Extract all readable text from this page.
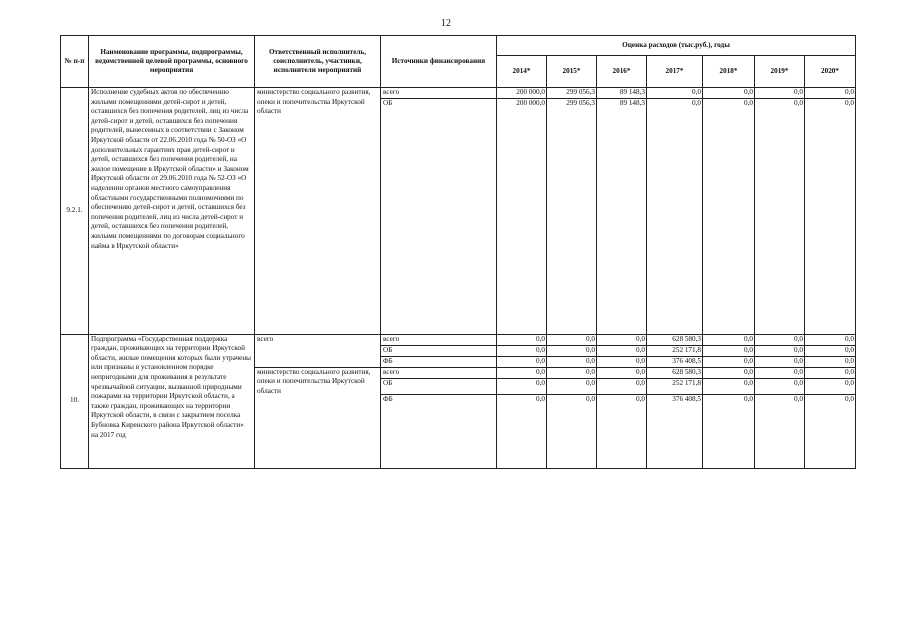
12
№ п-п	Наименование программы, подпрограммы, ведомственной целевой программы, основного мероприятия	Ответственный исполнитель, соисполнитель, участники, исполнители мероприятий	Источники финансирования	Оценка расходов (тыс.руб.), годы						
				2014*	2015*	2016*	2017*	2018*	2019*	2020*
9.2.1.	Исполнение судебных актов по обеспечению жилыми помещениями детей-сирот и детей, оставшихся без попечения родителей, лиц из числа детей-сирот и детей, оставшихся без попечения родителей, вынесенных в соответствии с Законом Иркутской области от 22.06.2010 года № 50-ОЗ «О дополнительных гарантиях прав детей-сирот и детей, оставшихся без попечения родителей, на жилое помещение в Иркутской области» и Законом Иркутской области от 29.06.2010 года № 52-ОЗ «О наделении органов местного самоуправления областными государственными полномочиями по обеспечению детей-сирот и детей, оставшихся без попечения родителей, лиц из числа детей-сирот и детей, оставшихся без попечения родителей, жилыми помещениями по договорам социального найма в Иркутской области»	министерство социального развития, опеки и попечительства Иркутской области	всего	200 000,0	299 056,3	89 148,3	0,0	0,0	0,0	0,0
			ОБ	200 000,0	299 056,3	89 148,3	0,0	0,0	0,0	0,0
10.	Подпрограмма «Государственная поддержка граждан, проживающих на территории Иркутской области, жилые помещения которых были утрачены или признаны в установленном порядке непригодными для проживания в результате чрезвычайной ситуации, вызванной природными пожарами на территории Иркутской области, а также граждан, проживающих на территории Иркутской области, в связи с закрытием поселка Бубновка Киренского района Иркутской области» на 2017 год	всего	всего	0,0	0,0	0,0	628 580,3	0,0	0,0	0,0
			ОБ	0,0	0,0	0,0	252 171,8	0,0	0,0	0,0
			ФБ	0,0	0,0	0,0	376 408,5	0,0	0,0	0,0
		министерство социального развития, опеки и попечительства Иркутской области	всего	0,0	0,0	0,0	628 580,3	0,0	0,0	0,0
			ОБ	0,0	0,0	0,0	252 171,8	0,0	0,0	0,0
			ФБ	0,0	0,0	0,0	376 408,5	0,0	0,0	0,0
